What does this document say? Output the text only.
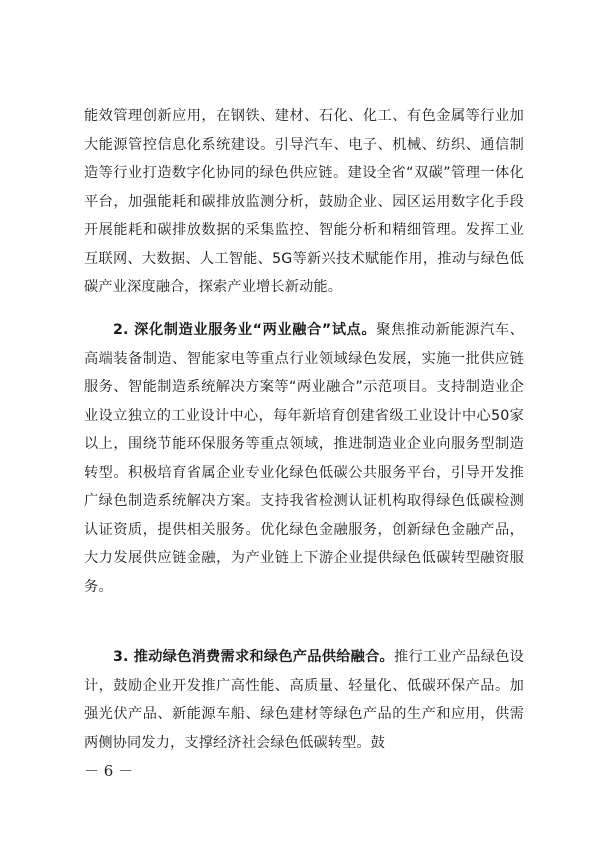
能效管理创新应用，在钢铁、建材、石化、化工、有色金属等行业加大能源管控信息化系统建设。引导汽车、电子、机械、纺织、通信制造等行业打造数字化协同的绿色供应链。建设全省“双碳”管理一体化平台，加强能耗和碳排放监测分析，鼓励企业、园区运用数字化手段开展能耗和碳排放数据的采集监控、智能分析和精细管理。发挥工业互联网、大数据、人工智能、5G等新兴技术赋能作用，推动与绿色低碳产业深度融合，探索产业增长新动能。
2. 深化制造业服务业“两业融合”试点。聚焦推动新能源汽车、高端装备制造、智能家电等重点行业领域绿色发展，实施一批供应链服务、智能制造系统解决方案等“两业融合”示范项目。支持制造业企业设立独立的工业设计中心，每年新培育创建省级工业设计中心50家以上，围绕节能环保服务等重点领域，推进制造业企业向服务型制造转型。积极培育省属企业专业化绿色低碳公共服务平台，引导开发推广绿色制造系统解决方案。支持我省检测认证机构取得绿色低碳检测认证资质，提供相关服务。优化绿色金融服务，创新绿色金融产品，大力发展供应链金融，为产业链上下游企业提供绿色低碳转型融资服务。
3. 推动绿色消费需求和绿色产品供给融合。推行工业产品绿色设计，鼓励企业开发推广高性能、高质量、轻量化、低碳环保产品。加强光伏产品、新能源车船、绿色建材等绿色产品的生产和应用，供需两侧协同发力，支撑经济社会绿色低碳转型。鼓
－ 6 －
